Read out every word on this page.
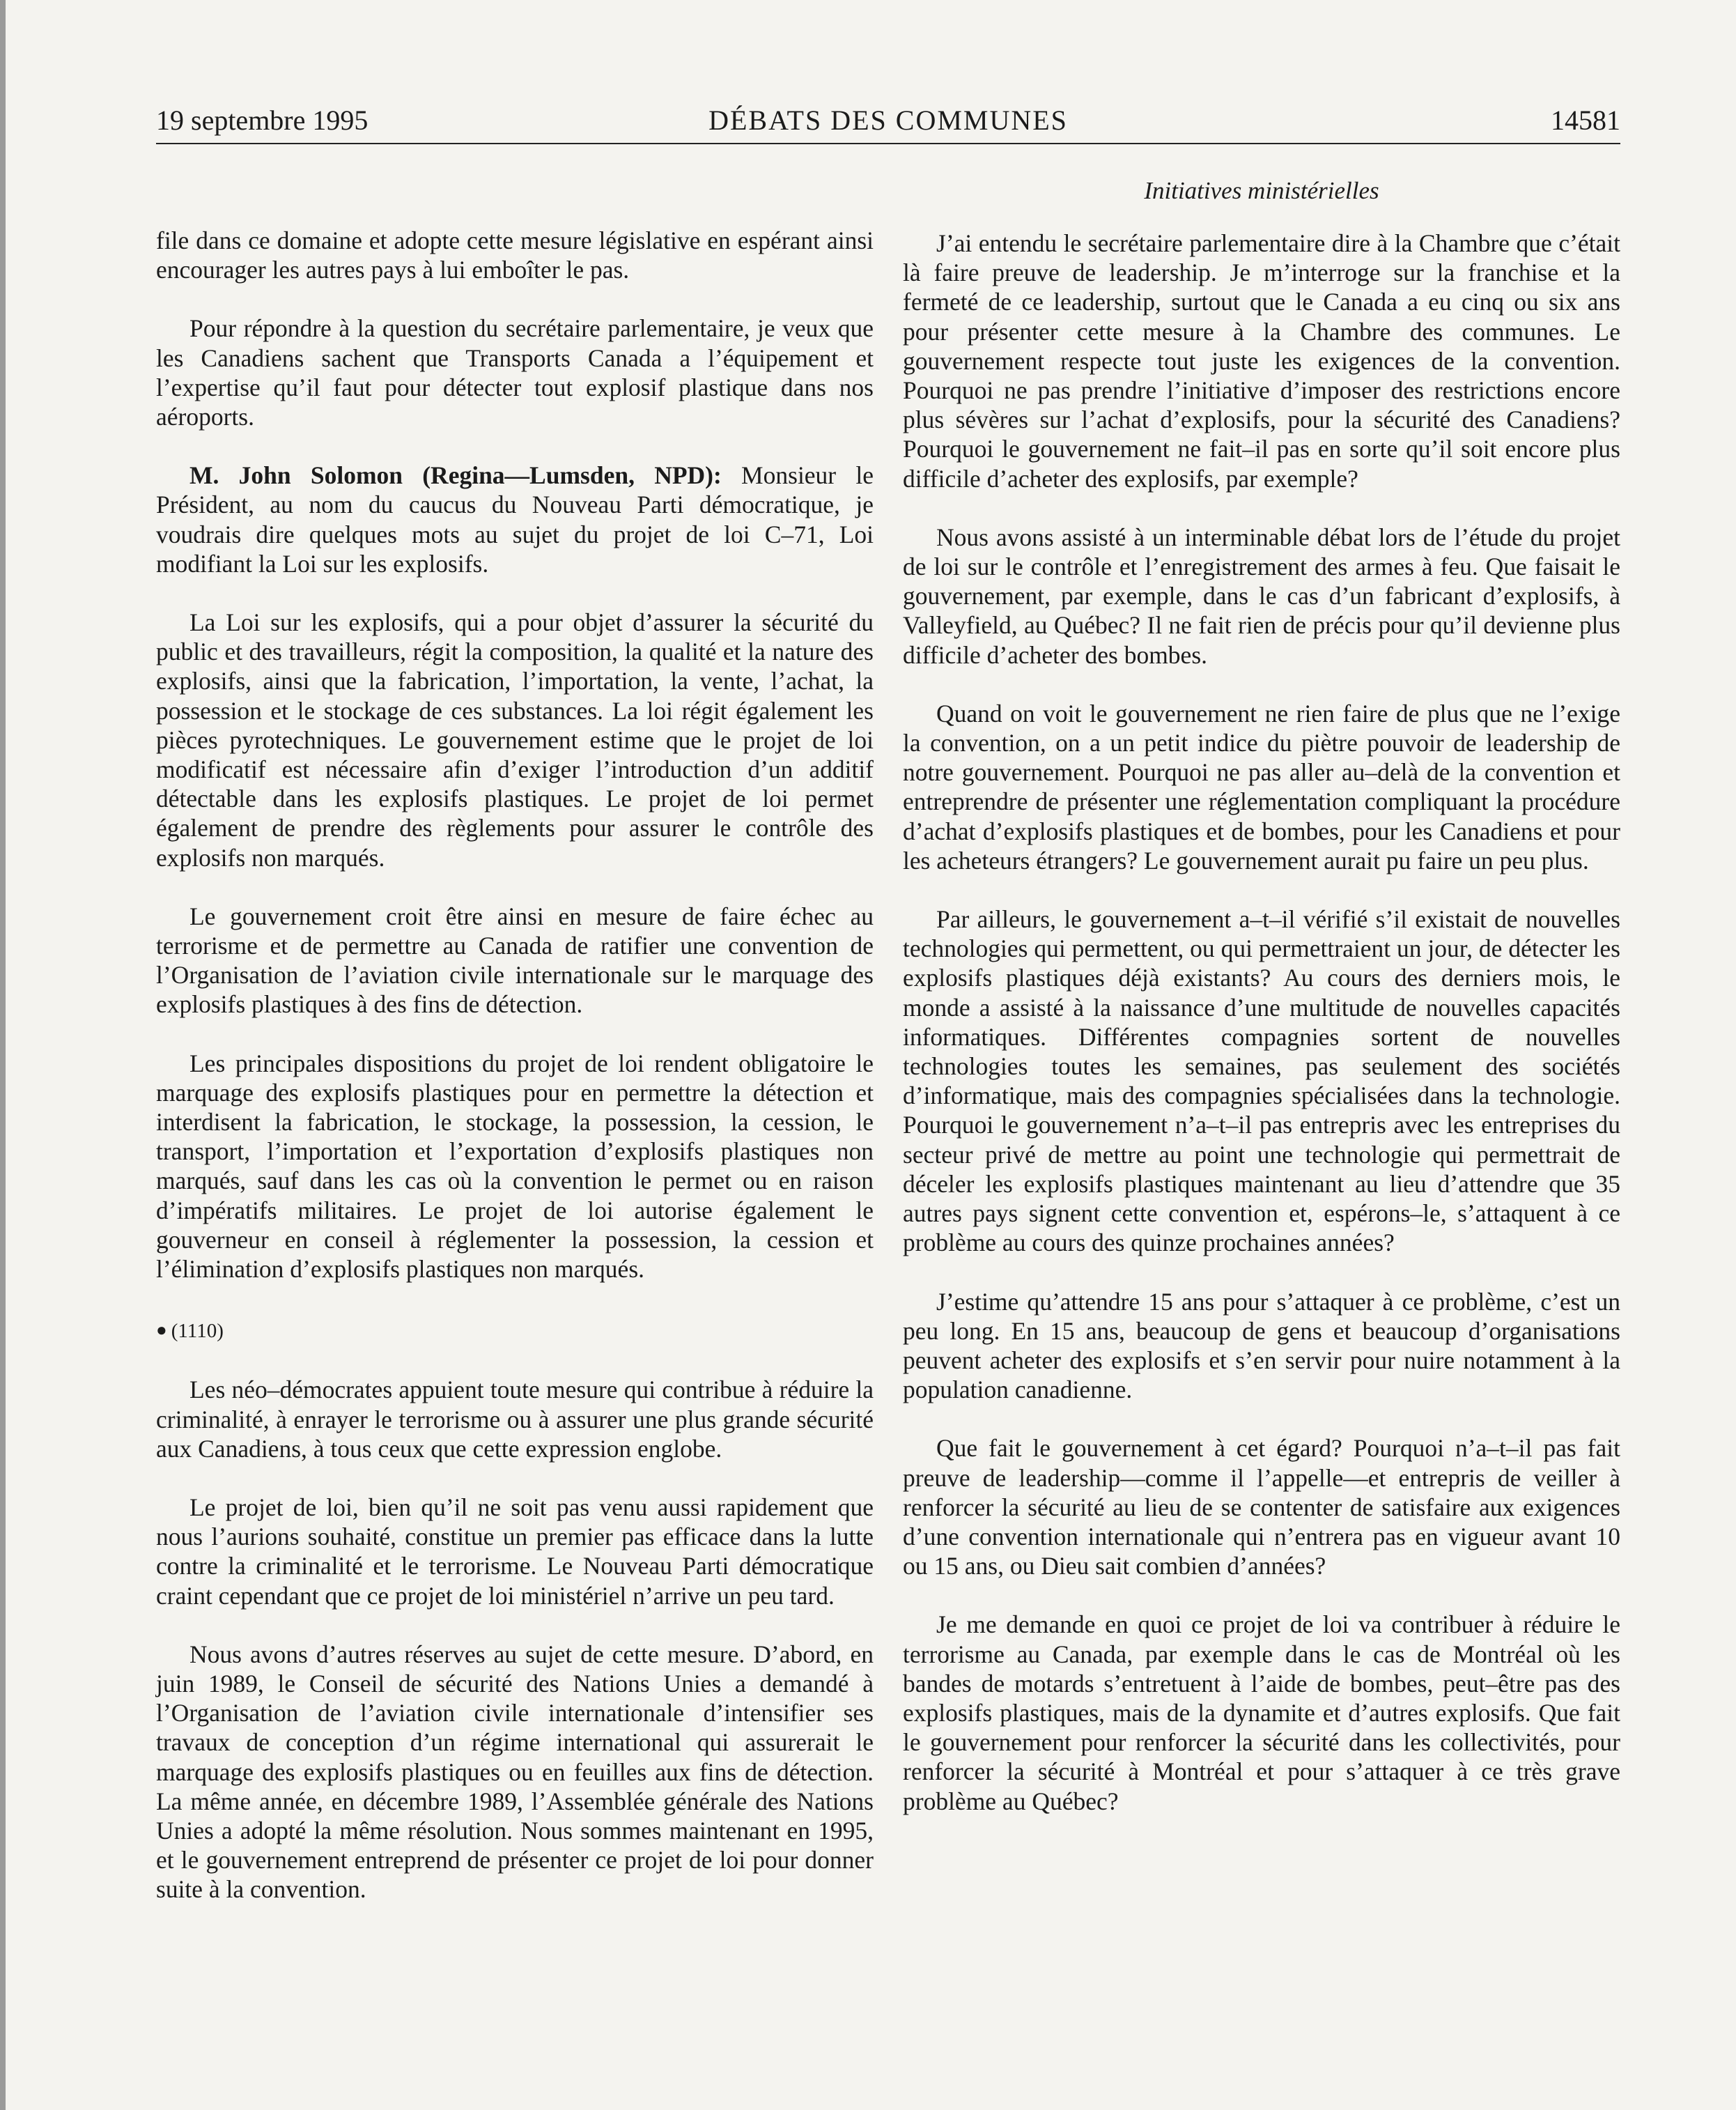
19 septembre 1995	DÉBATS DES COMMUNES	14581
Initiatives ministérielles

file dans ce domaine et adopte cette mesure législative en espérant ainsi encourager les autres pays à lui emboîter le pas.

Pour répondre à la question du secrétaire parlementaire, je veux que les Canadiens sachent que Transports Canada a l’équipement et l’expertise qu’il faut pour détecter tout explosif plastique dans nos aéroports.

M. John Solomon (Regina—Lumsden, NPD): Monsieur le Président, au nom du caucus du Nouveau Parti démocratique, je voudrais dire quelques mots au sujet du projet de loi C–71, Loi modifiant la Loi sur les explosifs.

La Loi sur les explosifs, qui a pour objet d’assurer la sécurité du public et des travailleurs, régit la composition, la qualité et la nature des explosifs, ainsi que la fabrication, l’importation, la vente, l’achat, la possession et le stockage de ces substances. La loi régit également les pièces pyrotechniques. Le gouvernement estime que le projet de loi modificatif est nécessaire afin d’exiger l’introduction d’un additif détectable dans les explosifs plastiques. Le projet de loi permet également de prendre des règlements pour assurer le contrôle des explosifs non marqués.

Le gouvernement croit être ainsi en mesure de faire échec au terrorisme et de permettre au Canada de ratifier une convention de l’Organisation de l’aviation civile internationale sur le marquage des explosifs plastiques à des fins de détection.

Les principales dispositions du projet de loi rendent obligatoire le marquage des explosifs plastiques pour en permettre la détection et interdisent la fabrication, le stockage, la possession, la cession, le transport, l’importation et l’exportation d’explosifs plastiques non marqués, sauf dans les cas où la convention le permet ou en raison d’impératifs militaires. Le projet de loi autorise également le gouverneur en conseil à réglementer la possession, la cession et l’élimination d’explosifs plastiques non marqués.

● (1110)

Les néo–démocrates appuient toute mesure qui contribue à réduire la criminalité, à enrayer le terrorisme ou à assurer une plus grande sécurité aux Canadiens, à tous ceux que cette expression englobe.

Le projet de loi, bien qu’il ne soit pas venu aussi rapidement que nous l’aurions souhaité, constitue un premier pas efficace dans la lutte contre la criminalité et le terrorisme. Le Nouveau Parti démocratique craint cependant que ce projet de loi ministériel n’arrive un peu tard.

Nous avons d’autres réserves au sujet de cette mesure. D’abord, en juin 1989, le Conseil de sécurité des Nations Unies a demandé à l’Organisation de l’aviation civile internationale d’intensifier ses travaux de conception d’un régime international qui assurerait le marquage des explosifs plastiques ou en feuilles aux fins de détection. La même année, en décembre 1989, l’Assemblée générale des Nations Unies a adopté la même résolution. Nous sommes maintenant en 1995, et le gouvernement entreprend de présenter ce projet de loi pour donner suite à la convention.

J’ai entendu le secrétaire parlementaire dire à la Chambre que c’était là faire preuve de leadership. Je m’interroge sur la franchise et la fermeté de ce leadership, surtout que le Canada a eu cinq ou six ans pour présenter cette mesure à la Chambre des communes. Le gouvernement respecte tout juste les exigences de la convention. Pourquoi ne pas prendre l’initiative d’imposer des restrictions encore plus sévères sur l’achat d’explosifs, pour la sécurité des Canadiens? Pourquoi le gouvernement ne fait–il pas en sorte qu’il soit encore plus difficile d’acheter des explosifs, par exemple?

Nous avons assisté à un interminable débat lors de l’étude du projet de loi sur le contrôle et l’enregistrement des armes à feu. Que faisait le gouvernement, par exemple, dans le cas d’un fabricant d’explosifs, à Valleyfield, au Québec? Il ne fait rien de précis pour qu’il devienne plus difficile d’acheter des bombes.

Quand on voit le gouvernement ne rien faire de plus que ne l’exige la convention, on a un petit indice du piètre pouvoir de leadership de notre gouvernement. Pourquoi ne pas aller au–delà de la convention et entreprendre de présenter une réglementation compliquant la procédure d’achat d’explosifs plastiques et de bombes, pour les Canadiens et pour les acheteurs étrangers? Le gouvernement aurait pu faire un peu plus.

Par ailleurs, le gouvernement a–t–il vérifié s’il existait de nouvelles technologies qui permettent, ou qui permettraient un jour, de détecter les explosifs plastiques déjà existants? Au cours des derniers mois, le monde a assisté à la naissance d’une multitude de nouvelles capacités informatiques. Différentes compagnies sortent de nouvelles technologies toutes les semaines, pas seulement des sociétés d’informatique, mais des compagnies spécialisées dans la technologie. Pourquoi le gouvernement n’a–t–il pas entrepris avec les entreprises du secteur privé de mettre au point une technologie qui permettrait de déceler les explosifs plastiques maintenant au lieu d’attendre que 35 autres pays signent cette convention et, espérons–le, s’attaquent à ce problème au cours des quinze prochaines années?

J’estime qu’attendre 15 ans pour s’attaquer à ce problème, c’est un peu long. En 15 ans, beaucoup de gens et beaucoup d’organisations peuvent acheter des explosifs et s’en servir pour nuire notamment à la population canadienne.

Que fait le gouvernement à cet égard? Pourquoi n’a–t–il pas fait preuve de leadership—comme il l’appelle—et entrepris de veiller à renforcer la sécurité au lieu de se contenter de satisfaire aux exigences d’une convention internationale qui n’entrera pas en vigueur avant 10 ou 15 ans, ou Dieu sait combien d’années?

Je me demande en quoi ce projet de loi va contribuer à réduire le terrorisme au Canada, par exemple dans le cas de Montréal où les bandes de motards s’entretuent à l’aide de bombes, peut–être pas des explosifs plastiques, mais de la dynamite et d’autres explosifs. Que fait le gouvernement pour renforcer la sécurité dans les collectivités, pour renforcer la sécurité à Montréal et pour s’attaquer à ce très grave problème au Québec?
